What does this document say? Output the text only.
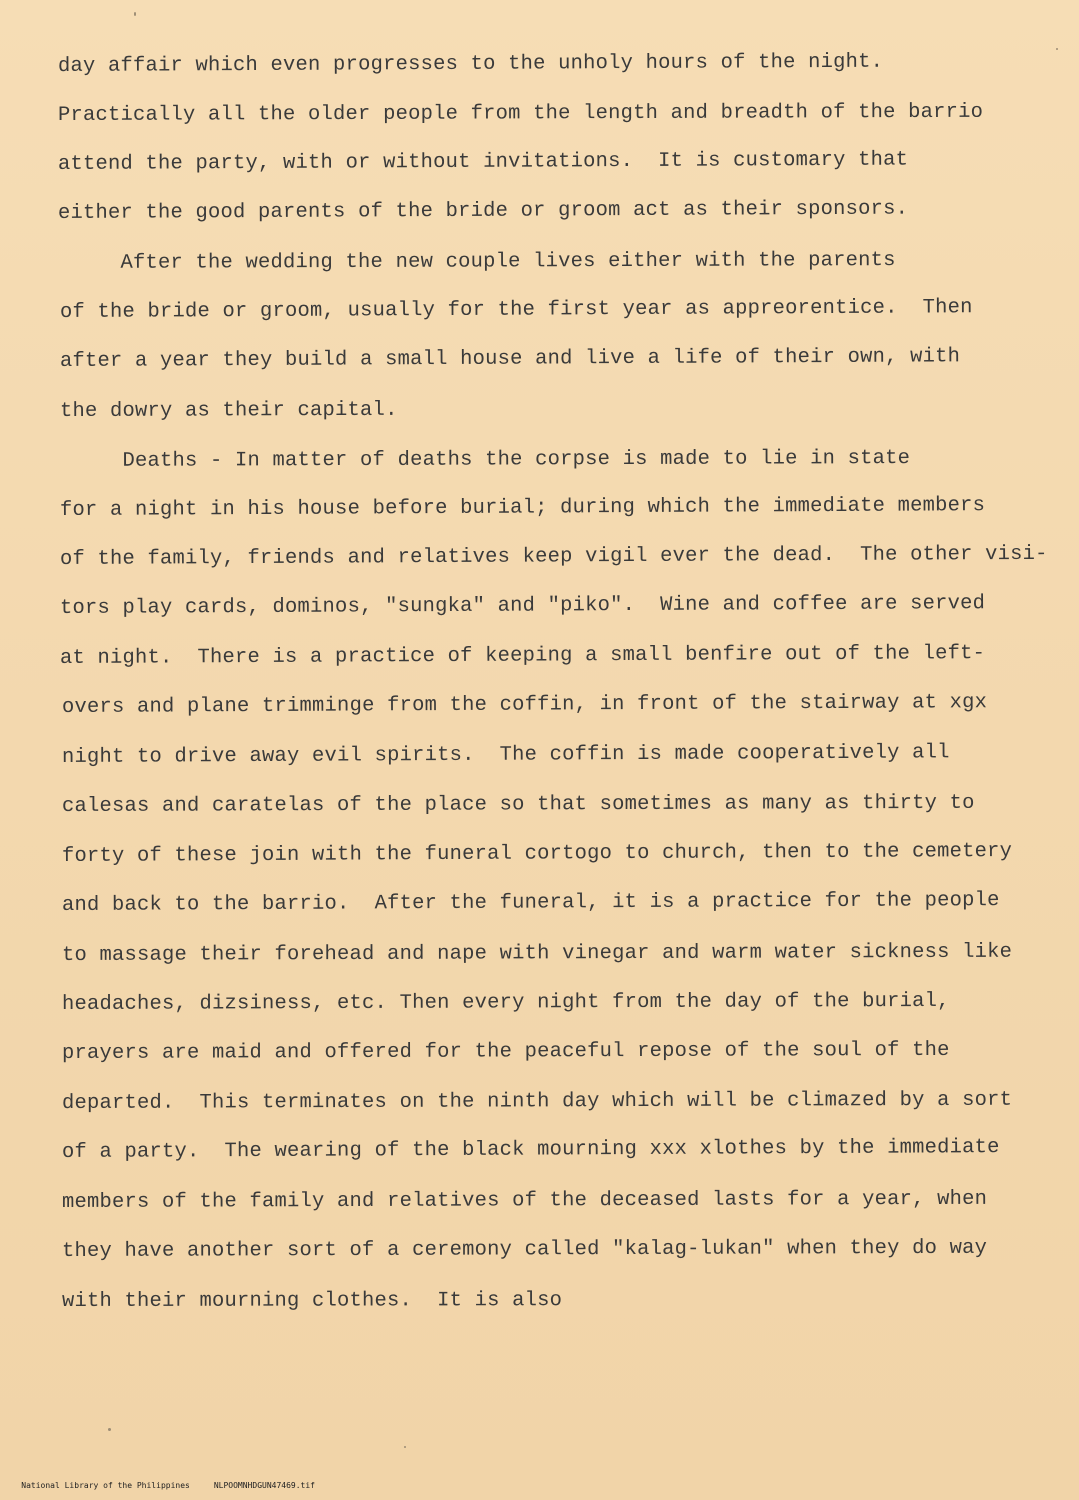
day affair which even progresses to the unholy hours of the night.
Practically all the older people from the length and breadth of the barrio
attend the party, with or without invitations.  It is customary that
either the good parents of the bride or groom act as their sponsors.
After the wedding the new couple lives either with the parents
of the bride or groom, usually for the first year as appreorentice.  Then
after a year they build a small house and live a life of their own, with
the dowry as their capital.
Deaths - In matter of deaths the corpse is made to lie in state
for a night in his house before burial; during which the immediate members
of the family, friends and relatives keep vigil ever the dead.  The other visi-
tors play cards, dominos, "sungka" and "piko".  Wine and coffee are served
at night.  There is a practice of keeping a small benfire out of the left-
overs and plane trimminge from the coffin, in front of the stairway at xgx
night to drive away evil spirits.  The coffin is made cooperatively all
calesas and caratelas of the place so that sometimes as many as thirty to
forty of these join with the funeral cortogo to church, then to the cemetery
and back to the barrio.  After the funeral, it is a practice for the people
to massage their forehead and nape with vinegar and warm water sickness like
headaches, dizsiness, etc. Then every night from the day of the burial,
prayers are maid and offered for the peaceful repose of the soul of the
departed.  This terminates on the ninth day which will be climazed by a sort
of a party.  The wearing of the black mourning xxx xlothes by the immediate
members of the family and relatives of the deceased lasts for a year, when
they have another sort of a ceremony called "kalag-lukan" when they do way
with their mourning clothes.  It is also

National Library of the Philippines	NLPOOMNHDGUN47469.tif
